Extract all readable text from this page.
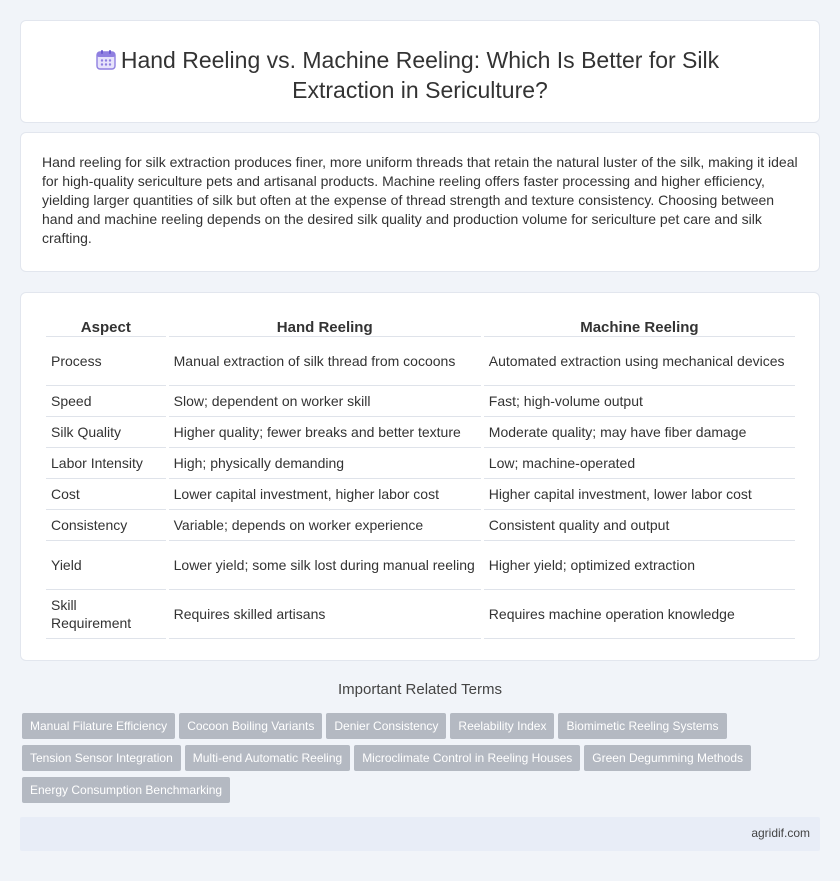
Hand Reeling vs. Machine Reeling: Which Is Better for Silk Extraction in Sericulture?

Hand reeling for silk extraction produces finer, more uniform threads that retain the natural luster of the silk, making it ideal for high-quality sericulture pets and artisanal products. Machine reeling offers faster processing and higher efficiency, yielding larger quantities of silk but often at the expense of thread strength and texture consistency. Choosing between hand and machine reeling depends on the desired silk quality and production volume for sericulture pet care and silk crafting.

Aspect	Hand Reeling	Machine Reeling
Process	Manual extraction of silk thread from cocoons	Automated extraction using mechanical devices
Speed	Slow; dependent on worker skill	Fast; high-volume output
Silk Quality	Higher quality; fewer breaks and better texture	Moderate quality; may have fiber damage
Labor Intensity	High; physically demanding	Low; machine-operated
Cost	Lower capital investment, higher labor cost	Higher capital investment, lower labor cost
Consistency	Variable; depends on worker experience	Consistent quality and output
Yield	Lower yield; some silk lost during manual reeling	Higher yield; optimized extraction
Skill Requirement	Requires skilled artisans	Requires machine operation knowledge
Important Related Terms
Manual Filature Efficiency Cocoon Boiling Variants Denier Consistency Reelability Index Biomimetic Reeling SystemsTension Sensor Integration Multi-end Automatic Reeling Microclimate Control in Reeling Houses Green Degumming MethodsEnergy Consumption Benchmarking
agridif.com
